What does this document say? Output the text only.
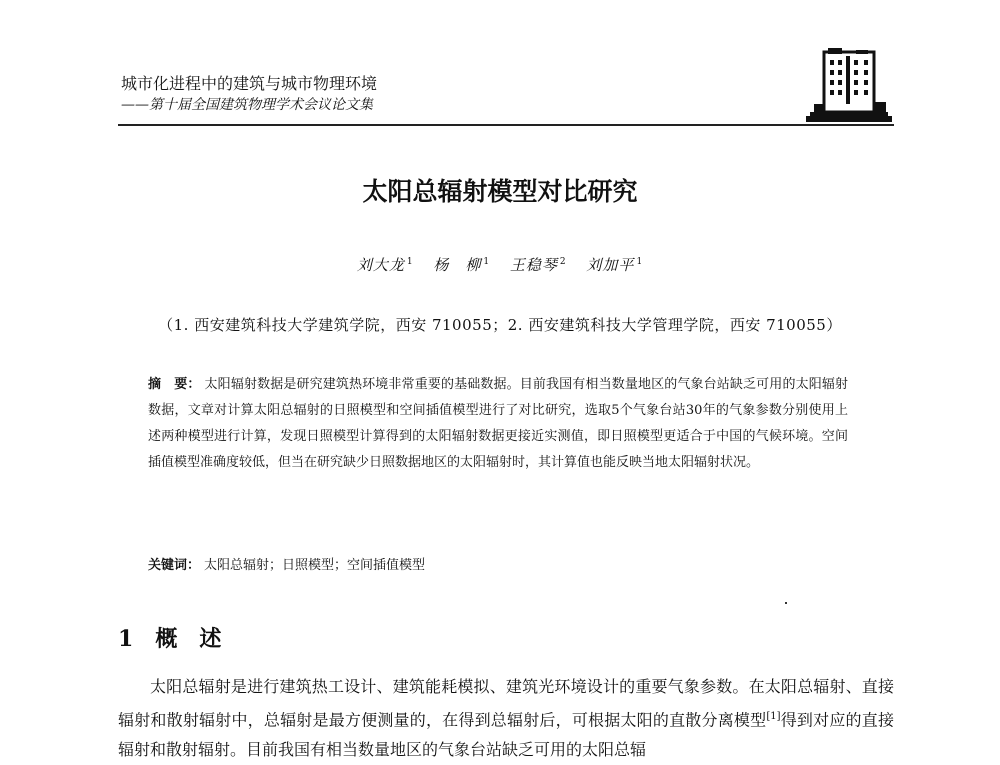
城市化进程中的建筑与城市物理环境
——第十届全国建筑物理学术会议论文集
太阳总辐射模型对比研究
刘大龙 $^1$ 杨　柳 $^1$ 王稳琴 $^2$ 刘加平 $^1$
（1. 西安建筑科技大学建筑学院，西安 710055；2. 西安建筑科技大学管理学院，西安 710055）
摘　要： 太阳辐射数据是研究建筑热环境非常重要的基础数据。目前我国有相当数量地区的气象台站缺乏可用的太阳辐射数据，文章对计算太阳总辐射的日照模型和空间插值模型进行了对比研究，选取5个气象台站30年的气象参数分别使用上述两种模型进行计算，发现日照模型计算得到的太阳辐射数据更接近实测值，即日照模型更适合于中国的气候环境。空间插值模型准确度较低，但当在研究缺少日照数据地区的太阳辐射时，其计算值也能反映当地太阳辐射状况。
关键词： 太阳总辐射；日照模型；空间插值模型
1 概　述
太阳总辐射是进行建筑热工设计、建筑能耗模拟、建筑光环境设计的重要气象参数。在太阳总辐射、直接辐射和散射辐射中，总辐射是最方便测量的，在得到总辐射后，可根据太阳的直散分离模型[1]得到对应的直接辐射和散射辐射。目前我国有相当数量地区的气象台站缺乏可用的太阳总辐
